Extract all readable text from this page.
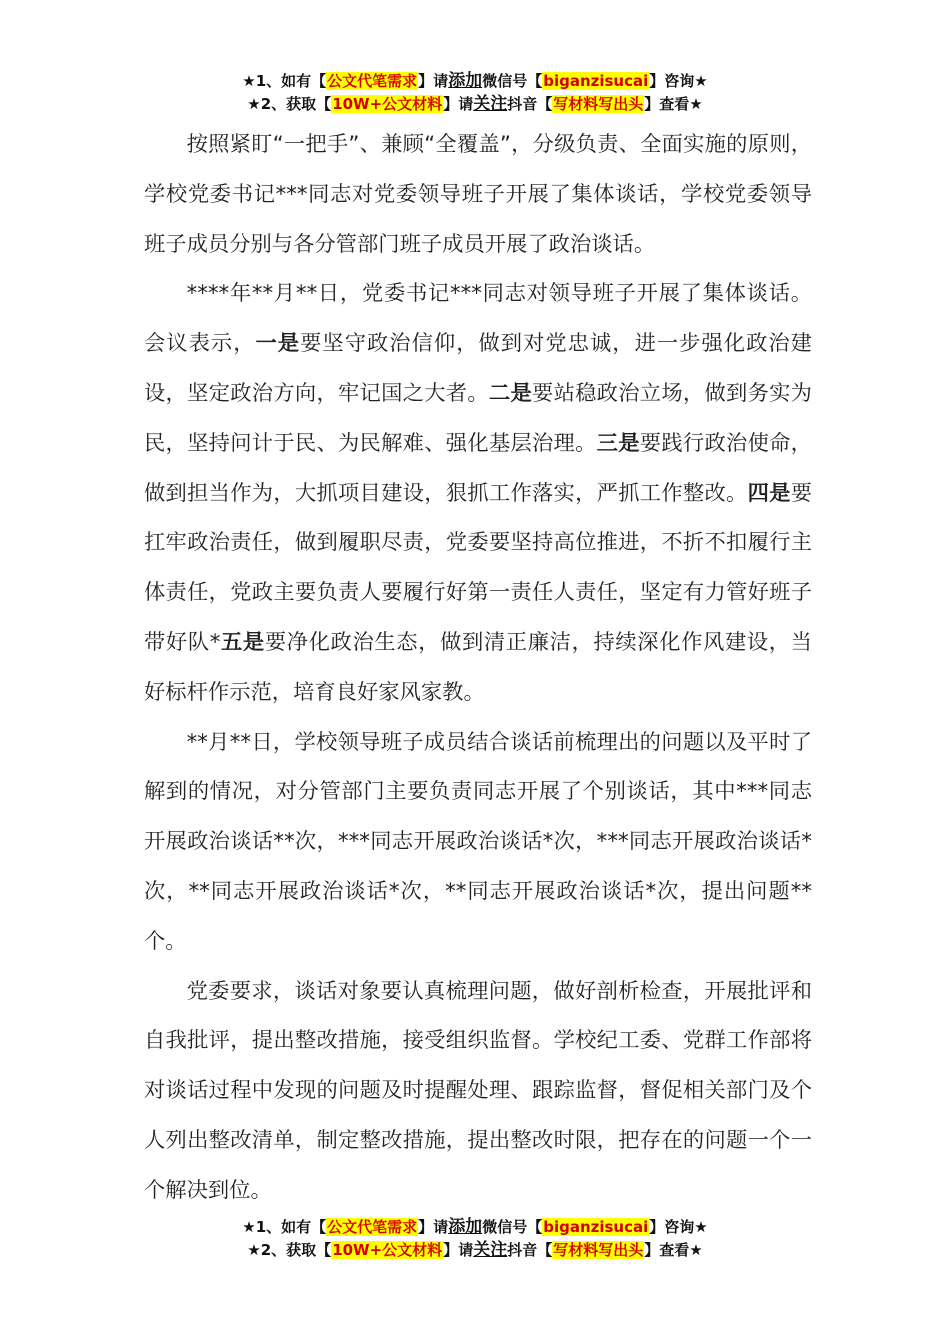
★1、如有【公文代笔需求】请添加微信号【biganzisucai】咨询★
★2、获取【10W+公文材料】请关注抖音【写材料写出头】查看★

按照紧盯“一把手”、兼顾“全覆盖”，分级负责、全面实施的原则，学校党委书记***同志对党委领导班子开展了集体谈话，学校党委领导班子成员分别与各分管部门班子成员开展了政治谈话。

****年**月**日，党委书记***同志对领导班子开展了集体谈话。会议表示，一是要坚守政治信仰，做到对党忠诚，进一步强化政治建设，坚定政治方向，牢记国之大者。二是要站稳政治立场，做到务实为民，坚持问计于民、为民解难、强化基层治理。三是要践行政治使命，做到担当作为，大抓项目建设，狠抓工作落实，严抓工作整改。四是要扛牢政治责任，做到履职尽责，党委要坚持高位推进，不折不扣履行主体责任，党政主要负责人要履行好第一责任人责任，坚定有力管好班子带好队*五是要净化政治生态，做到清正廉洁，持续深化作风建设，当好标杆作示范，培育良好家风家教。

**月**日，学校领导班子成员结合谈话前梳理出的问题以及平时了解到的情况，对分管部门主要负责同志开展了个别谈话，其中***同志开展政治谈话**次，***同志开展政治谈话*次，***同志开展政治谈话*次，**同志开展政治谈话*次，**同志开展政治谈话*次，提出问题**个。

党委要求，谈话对象要认真梳理问题，做好剖析检查，开展批评和自我批评，提出整改措施，接受组织监督。学校纪工委、党群工作部将对谈话过程中发现的问题及时提醒处理、跟踪监督，督促相关部门及个人列出整改清单，制定整改措施，提出整改时限，把存在的问题一个一个解决到位。

★1、如有【公文代笔需求】请添加微信号【biganzisucai】咨询★
★2、获取【10W+公文材料】请关注抖音【写材料写出头】查看★
